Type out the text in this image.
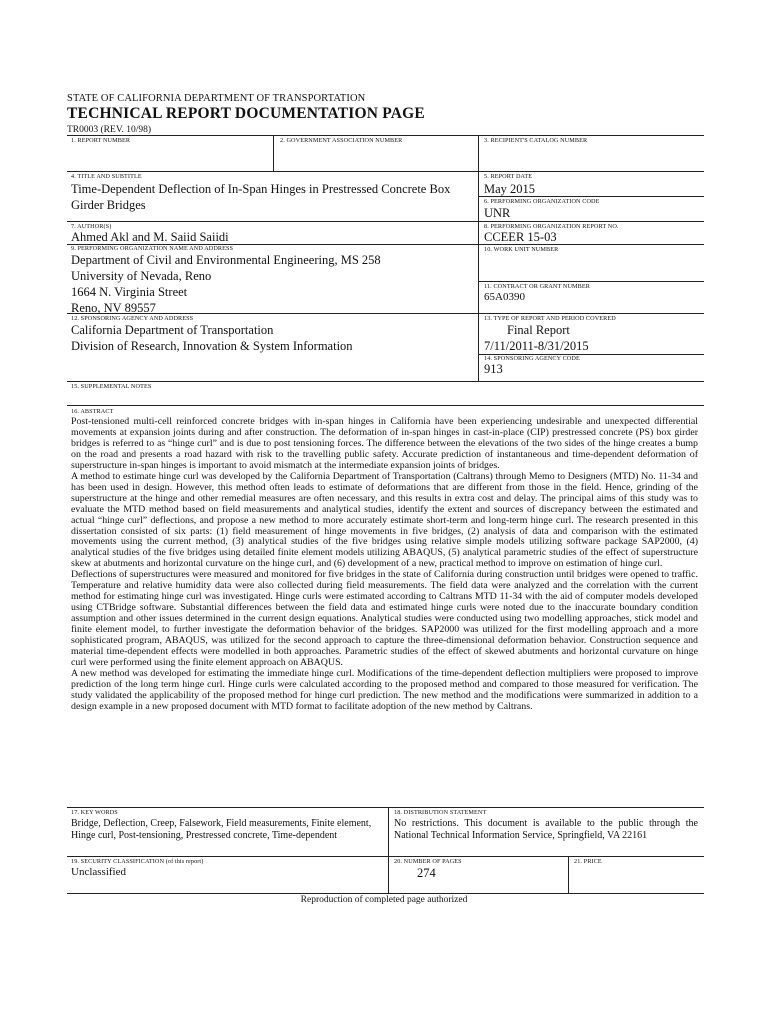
STATE OF CALIFORNIA DEPARTMENT OF TRANSPORTATION
TECHNICAL REPORT DOCUMENTATION PAGE
TR0003 (REV. 10/98)
1. REPORT NUMBER	2. GOVERNMENT ASSOCIATION NUMBER	3. RECIPIENT'S CATALOG NUMBER
4. TITLE AND SUBTITLE
Time-Dependent Deflection of In-Span Hinges in Prestressed Concrete Box Girder Bridges
5. REPORT DATE
May 2015
6. PERFORMING ORGANIZATION CODE
UNR
7. AUTHOR(S)
Ahmed Akl and M. Saiid Saiidi
8. PERFORMING ORGANIZATION REPORT NO.
CCEER 15-03
9. PERFORMING ORGANIZATION NAME AND ADDRESS
Department of Civil and Environmental Engineering, MS 258
University of Nevada, Reno
1664 N. Virginia Street
Reno, NV 89557
10. WORK UNIT NUMBER
11. CONTRACT OR GRANT NUMBER
65A0390
12. SPONSORING AGENCY AND ADDRESS
California Department of Transportation
Division of Research, Innovation & System Information
13. TYPE OF REPORT AND PERIOD COVERED
Final Report
7/11/2011-8/31/2015
14. SPONSORING AGENCY CODE
913
15. SUPPLEMENTAL NOTES
16. ABSTRACT

Post-tensioned multi-cell reinforced concrete bridges with in-span hinges in California have been experiencing undesirable and unexpected differential movements at expansion joints during and after construction. The deformation of in-span hinges in cast-in-place (CIP) prestressed concrete (PS) box girder bridges is referred to as “hinge curl” and is due to post tensioning forces. The difference between the elevations of the two sides of the hinge creates a bump on the road and presents a road hazard with risk to the travelling public safety. Accurate prediction of instantaneous and time-dependent deformation of superstructure in-span hinges is important to avoid mismatch at the intermediate expansion joints of bridges.

A method to estimate hinge curl was developed by the California Department of Transportation (Caltrans) through Memo to Designers (MTD) No. 11-34 and has been used in design. However, this method often leads to estimate of deformations that are different from those in the field. Hence, grinding of the superstructure at the hinge and other remedial measures are often necessary, and this results in extra cost and delay. The principal aims of this study was to evaluate the MTD method based on field measurements and analytical studies, identify the extent and sources of discrepancy between the estimated and actual “hinge curl” deflections, and propose a new method to more accurately estimate short-term and long-term hinge curl. The research presented in this dissertation consisted of six parts: (1) field measurement of hinge movements in five bridges, (2) analysis of data and comparison with the estimated movements using the current method, (3) analytical studies of the five bridges using relative simple models utilizing software package SAP2000, (4) analytical studies of the five bridges using detailed finite element models utilizing ABAQUS, (5) analytical parametric studies of the effect of superstructure skew at abutments and horizontal curvature on the hinge curl, and (6) development of a new, practical method to improve on estimation of hinge curl.

Deflections of superstructures were measured and monitored for five bridges in the state of California during construction until bridges were opened to traffic. Temperature and relative humidity data were also collected during field measurements. The field data were analyzed and the correlation with the current method for estimating hinge curl was investigated. Hinge curls were estimated according to Caltrans MTD 11-34 with the aid of computer models developed using CTBridge software. Substantial differences between the field data and estimated hinge curls were noted due to the inaccurate boundary condition assumption and other issues determined in the current design equations. Analytical studies were conducted using two modelling approaches, stick model and finite element model, to further investigate the deformation behavior of the bridges. SAP2000 was utilized for the first modelling approach and a more sophisticated program, ABAQUS, was utilized for the second approach to capture the three-dimensional deformation behavior. Construction sequence and material time-dependent effects were modelled in both approaches. Parametric studies of the effect of skewed abutments and horizontal curvature on hinge curl were performed using the finite element approach on ABAQUS.

A new method was developed for estimating the immediate hinge curl. Modifications of the time-dependent deflection multipliers were proposed to improve prediction of the long term hinge curl. Hinge curls were calculated according to the proposed method and compared to those measured for verification. The study validated the applicability of the proposed method for hinge curl prediction. The new method and the modifications were summarized in addition to a design example in a new proposed document with MTD format to facilitate adoption of the new method by Caltrans.

17. KEY WORDS
Bridge, Deflection, Creep, Falsework, Field measurements, Finite element, Hinge curl, Post-tensioning, Prestressed concrete, Time-dependent
18. DISTRIBUTION STATEMENT
No restrictions. This document is available to the public through the National Technical Information Service, Springfield, VA 22161
19. SECURITY CLASSIFICATION (of this report)
Unclassified
20. NUMBER OF PAGES
274
21. PRICE
Reproduction of completed page authorized
